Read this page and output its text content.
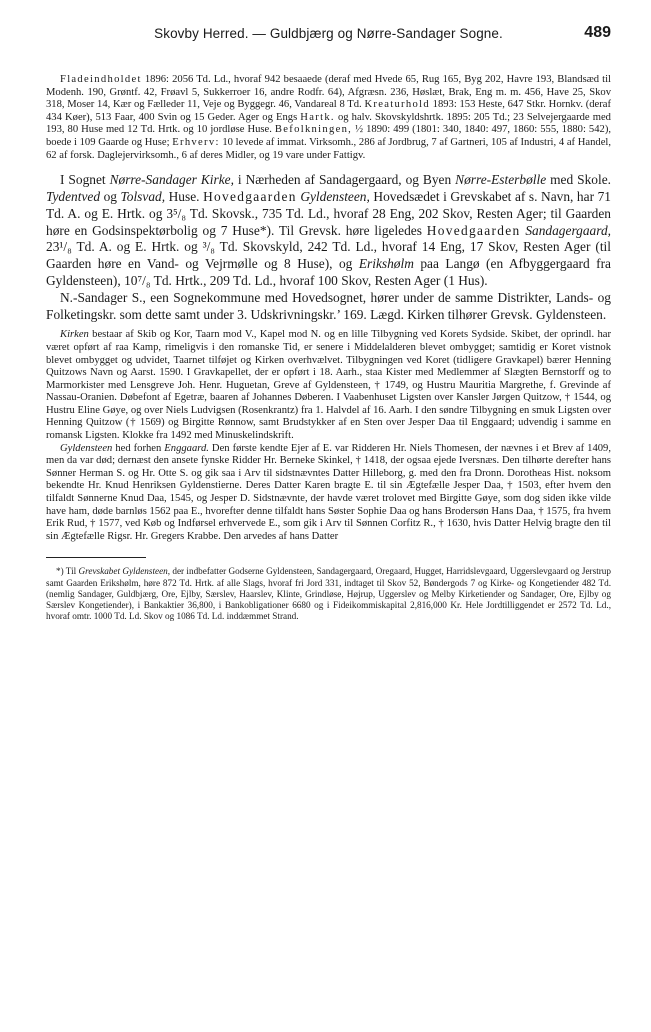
Skovby Herred. — Guldbjærg og Nørre-Sandager Sogne.	489

Fladeindholdet 1896: 2056 Td. Ld., hvoraf 942 besaaede (deraf med Hvede 65, Rug 165, Byg 202, Havre 193, Blandsæd til Modenh. 190, Grøntf. 42, Frøavl 5, Sukkerroer 16, andre Rodfr. 64), Afgræsn. 236, Høslæt, Brak, Eng m. m. 456, Have 25, Skov 318, Moser 14, Kær og Fælleder 11, Veje og Byggegr. 46, Vandareal 8 Td. Kreaturhold 1893: 153 Heste, 647 Stkr. Hornkv. (deraf 434 Køer), 513 Faar, 400 Svin og 15 Geder. Ager og Engs Hartk. og halv. Skovskyldshrtk. 1895: 205 Td.; 23 Selvejergaarde med 193, 80 Huse med 12 Td. Hrtk. og 10 jordløse Huse. Befolkningen, ½ 1890: 499 (1801: 340, 1840: 497, 1860: 555, 1880: 542), boede i 109 Gaarde og Huse; Erhverv: 10 levede af immat. Virksomh., 286 af Jordbrug, 7 af Gartneri, 105 af Industri, 4 af Handel, 62 af forsk. Daglejervirksomh., 6 af deres Midler, og 19 vare under Fattigv.

I Sognet Nørre-Sandager Kirke, i Nærheden af Sandagergaard, og Byen Nørre-Esterbølle med Skole. Tydentved og Tolsvad, Huse. Hovedgaarden Gyldensteen, Hovedsædet i Grevskabet af s. Navn, har 71 Td. A. og E. Hrtk. og 3⁵/₈ Td. Skovsk., 735 Td. Ld., hvoraf 28 Eng, 202 Skov, Resten Ager; til Gaarden høre en Godsinspektørbolig og 7 Huse*). Til Grevsk. høre ligeledes Hovedgaarden Sandagergaard, 23¹/₈ Td. A. og E. Hrtk. og ³/₈ Td. Skovskyld, 242 Td. Ld., hvoraf 14 Eng, 17 Skov, Resten Ager (til Gaarden høre en Vand- og Vejrmølle og 8 Huse), og Erikshølm paa Langø (en Afbyggergaard fra Gyldensteen), 10⁷/₈ Td. Hrtk., 209 Td. Ld., hvoraf 100 Skov, Resten Ager (1 Hus).

N.-Sandager S., een Sognekommune med Hovedsognet, hører under de samme Distrikter, Lands- og Folketingskr. som dette samt under 3. Udskrivningskr.’ 169. Lægd. Kirken tilhører Grevsk. Gyldensteen.

Kirken bestaar af Skib og Kor, Taarn mod V., Kapel mod N. og en lille Tilbygning ved Korets Sydside. Skibet, der oprindl. har været opført af raa Kamp, rimeligvis i den romanske Tid, er senere i Middelalderen blevet ombygget; samtidig er Koret vistnok blevet ombygget og udvidet, Taarnet tilføjet og Kirken overhvælvet. Tilbygningen ved Koret (tidligere Gravkapel) bærer Henning Quitzows Navn og Aarst. 1590. I Gravkapellet, der er opført i 18. Aarh., staa Kister med Medlemmer af Slægten Bernstorff og to Marmorkister med Lensgreve Joh. Henr. Huguetan, Greve af Gyldensteen, † 1749, og Hustru Mauritia Margrethe, f. Grevinde af Nassau-Oranien. Døbefont af Egetræ, baaren af Johannes Døberen. I Vaabenhuset Ligsten over Kansler Jørgen Quitzow, † 1544, og Hustru Eline Gøye, og over Niels Ludvigsen (Rosenkrantz) fra 1. Halvdel af 16. Aarh. I den søndre Tilbygning en smuk Ligsten over Henning Quitzow († 1569) og Birgitte Rønnow, samt Brudstykker af en Sten over Jesper Daa til Enggaard; udvendig i samme en romansk Ligsten. Klokke fra 1492 med Minuskelindskrift.

Gyldensteen hed forhen Enggaard. Den første kendte Ejer af E. var Ridderen Hr. Niels Thomesen, der nævnes i et Brev af 1409, men da var død; dernæst den ansete fynske Ridder Hr. Berneke Skinkel, † 1418, der ogsaa ejede Iversnæs. Den tilhørte derefter hans Sønner Herman S. og Hr. Otte S. og gik saa i Arv til sidstnævntes Datter Hilleborg, g. med den fra Dronn. Dorotheas Hist. noksom bekendte Hr. Knud Henriksen Gyldenstierne. Deres Datter Karen bragte E. til sin Ægtefælle Jesper Daa, † 1503, efter hvem den tilfaldt Sønnerne Knud Daa, 1545, og Jesper D. Sidstnævnte, der havde været trolovet med Birgitte Gøye, som dog siden ikke vilde have ham, døde barnløs 1562 paa E., hvorefter denne tilfaldt hans Søster Sophie Daa og hans Brodersøn Hans Daa, † 1575, fra hvem Erik Rud, † 1577, ved Køb og Indførsel erhvervede E., som gik i Arv til Sønnen Corfitz R., † 1630, hvis Datter Helvig bragte den til sin Ægtefælle Rigsr. Hr. Gregers Krabbe. Den arvedes af hans Datter

*) Til Grevskabet Gyldensteen, der indbefatter Godserne Gyldensteen, Sandagergaard, Oregaard, Hugget, Harridslevgaard, Uggerslevgaard og Jerstrup samt Gaarden Erikshølm, høre 872 Td. Hrtk. af alle Slags, hvoraf fri Jord 331, indtaget til Skov 52, Bøndergods 7 og Kirke- og Kongetiender 482 Td. (nemlig Sandager, Guldbjærg, Ore, Ejlby, Særslev, Haarslev, Klinte, Grindløse, Højrup, Uggerslev og Melby Kirketiender og Sandager, Ore, Ejlby og Særslev Kongetiender), i Bankaktier 36,800, i Bankobligationer 6680 og i Fideikommiskapital 2,816,000 Kr. Hele Jordtilliggendet er 2572 Td. Ld., hvoraf omtr. 1000 Td. Ld. Skov og 1086 Td. Ld. inddæmmet Strand.
